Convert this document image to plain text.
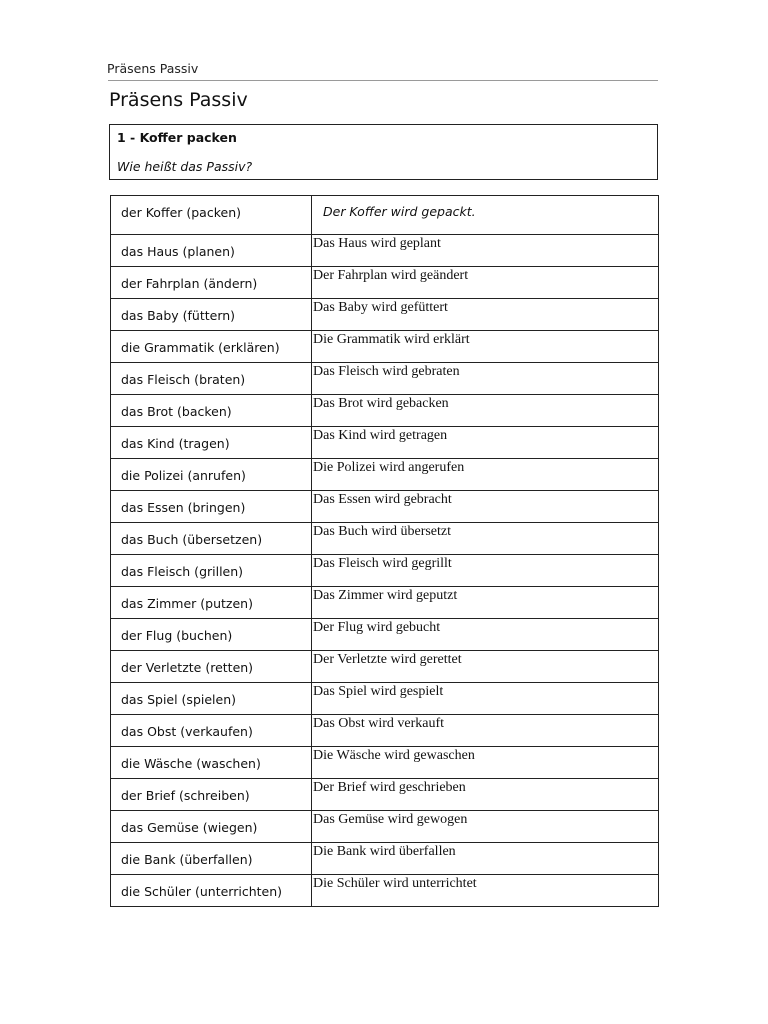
Präsens Passiv
Präsens Passiv
1 - Koffer packen
Wie heißt das Passiv?
der Koffer (packen)	Der Koffer wird gepackt.
das Haus (planen)	Das Haus wird geplant
der Fahrplan (ändern)	Der Fahrplan wird geändert
das Baby (füttern)	Das Baby wird gefüttert
die Grammatik (erklären)	Die Grammatik wird erklärt
das Fleisch (braten)	Das Fleisch wird gebraten
das Brot (backen)	Das Brot wird gebacken
das Kind (tragen)	Das Kind wird getragen
die Polizei (anrufen)	Die Polizei wird angerufen
das Essen (bringen)	Das Essen wird gebracht
das Buch (übersetzen)	Das Buch wird übersetzt
das Fleisch (grillen)	Das Fleisch wird gegrillt
das Zimmer (putzen)	Das Zimmer wird geputzt
der Flug (buchen)	Der Flug wird gebucht
der Verletzte (retten)	Der Verletzte wird gerettet
das Spiel (spielen)	Das Spiel wird gespielt
das Obst (verkaufen)	Das Obst wird verkauft
die Wäsche (waschen)	Die Wäsche wird gewaschen
der Brief (schreiben)	Der Brief wird geschrieben
das Gemüse (wiegen)	Das Gemüse wird gewogen
die Bank (überfallen)	Die Bank wird überfallen
die Schüler (unterrichten)	Die Schüler wird unterrichtet
